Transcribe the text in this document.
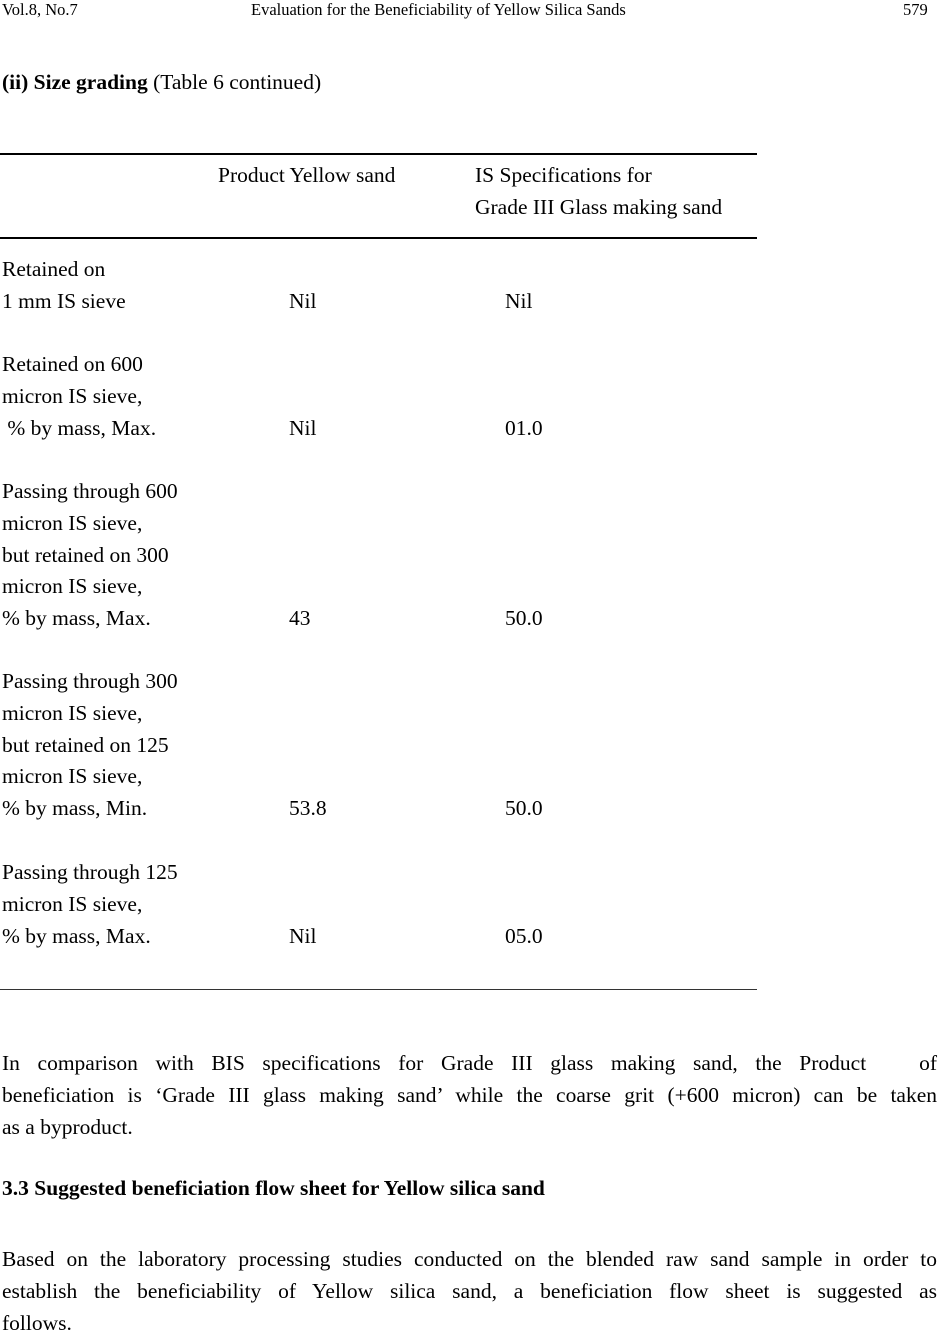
Vol.8, No.7	Evaluation for the Beneficiability of Yellow Silica Sands	579
(ii) Size grading (Table 6 continued)
Product Yellow sand	IS Specifications for
Grade III Glass making sand
Retained on
1 mm IS sieve	Nil	Nil
Retained on 600
micron IS sieve,
% by mass, Max.	Nil	01.0
Passing through 600
micron IS sieve,
but retained on 300
micron IS sieve,
% by mass, Max.	43	50.0
Passing through 300
micron IS sieve,
but retained on 125
micron IS sieve,
% by mass, Min.	53.8	50.0
Passing through 125
micron IS sieve,
% by mass, Max.	Nil	05.0
In comparison with BIS specifications for Grade III glass making sand, the Product   of
beneficiation is ‘Grade III glass making sand’ while the coarse grit (+600 micron) can be taken
as a byproduct.
3.3 Suggested beneficiation flow sheet for Yellow silica sand
Based on the laboratory processing studies conducted on the blended raw sand sample in order to
establish the beneficiability of Yellow silica sand, a beneficiation flow sheet is suggested as
follows.
